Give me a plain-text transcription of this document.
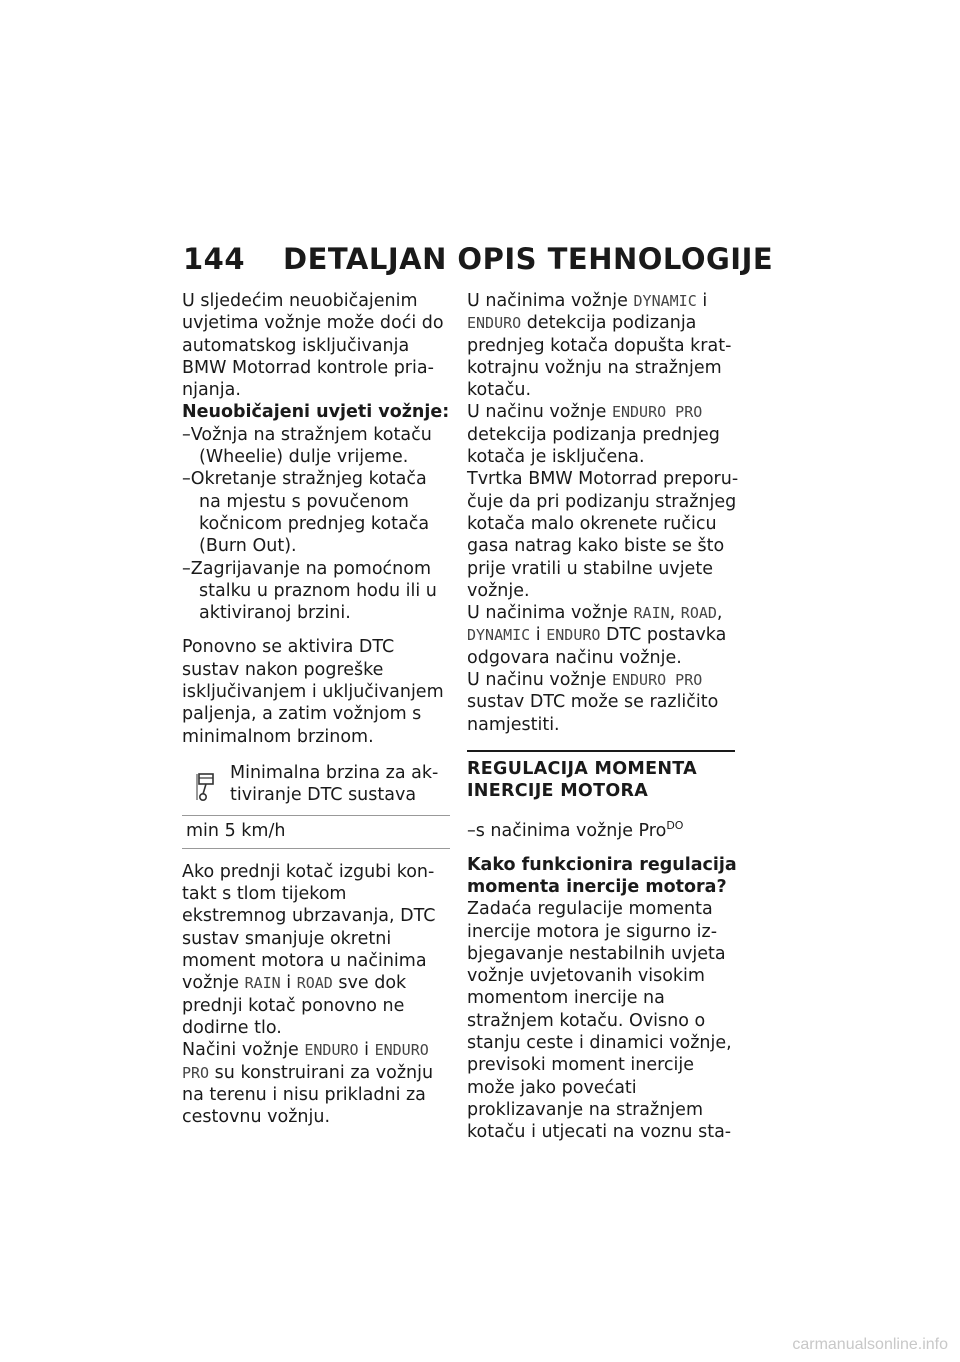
144 DETALJAN OPIS TEHNOLOGIJE

U sljedećim neuobičajenim uvjetima vožnje može doći do automatskog isključivanja BMW Motorrad kontrole prianjanja.

Neuobičajeni uvjeti vožnje:

–Vožnja na stražnjem kotaču (Wheelie) dulje vrijeme.

–Okretanje stražnjeg kotača na mjestu s povučenom kočnicom prednjeg kotača (Burn Out).

–Zagrijavanje na pomoćnom stalku u praznom hodu ili u aktiviranoj brzini.

Ponovno se aktivira DTC sustav nakon pogreške isključivanjem i uključivanjem paljenja, a zatim vožnjom s minimalnom brzinom.

Minimalna brzina za aktiviranje DTC sustava
min 5 km/h

Ako prednji kotač izgubi kontakt s tlom tijekom ekstremnog ubrzavanja, DTC sustav smanjuje okretni moment motora u načinima vožnje RAIN i ROAD sve dok prednji kotač ponovno ne dodirne tlo.

Načini vožnje ENDURO i ENDURO PRO su konstruirani za vožnju na terenu i nisu prikladni za cestovnu vožnju.

U načinima vožnje DYNAMIC i ENDURO detekcija podizanja prednjeg kotača dopušta kratkotrajnu vožnju na stražnjem kotaču.

U načinu vožnje ENDURO PRO detekcija podizanja prednjeg kotača je isključena.

Tvrtka BMW Motorrad preporučuje da pri podizanju stražnjeg kotača malo okrenete ručicu gasa natrag kako biste se što prije vratili u stabilne uvjete vožnje.

U načinima vožnje RAIN, ROAD, DYNAMIC i ENDURO DTC postavka odgovara načinu vožnje.

U načinu vožnje ENDURO PRO sustav DTC može se različito namjestiti.

REGULACIJA MOMENTA INERCIJE MOTORA

–s načinima vožnje Pro$^{DO}$

Kako funkcionira regulacija momenta inercije motora?

Zadaća regulacije momenta inercije motora je sigurno izbjegavanje nestabilnih uvjeta vožnje uvjetovanih visokim momentom inercije na stražnjem kotaču. Ovisno o stanju ceste i dinamici vožnje, previsoki moment inercije može jako povećati proklizavanje na stražnjem kotaču i utjecati na voznu sta-

carmanualsonline.info
